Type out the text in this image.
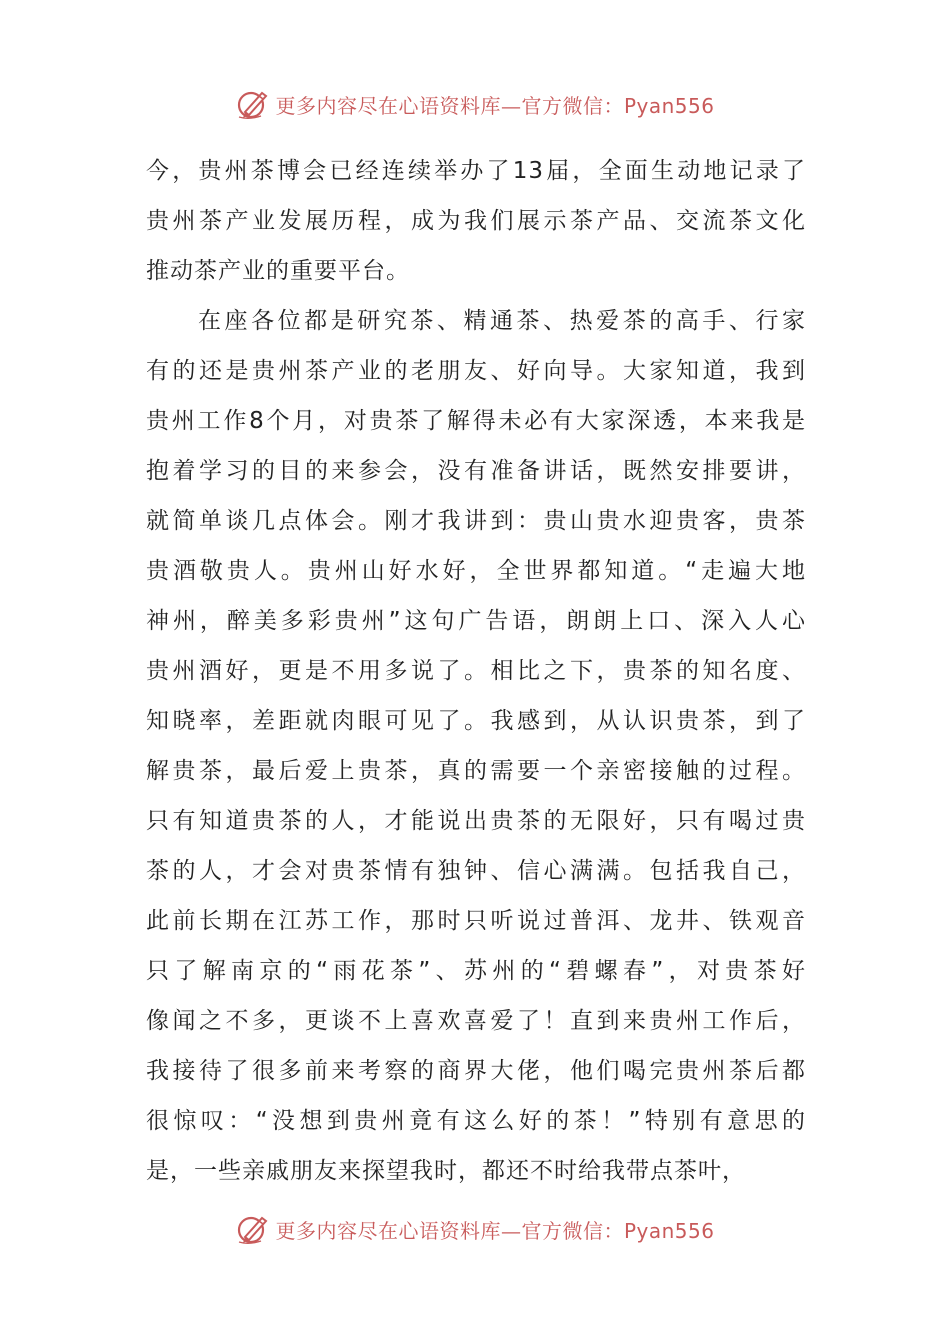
更多内容尽在心语资料库—官方微信：Pyan556
今，贵州茶博会已经连续举办了13届，全面生动地记录了
贵州茶产业发展历程，成为我们展示茶产品、交流茶文化
推动茶产业的重要平台。
在座各位都是研究茶、精通茶、热爱茶的高手、行家
有的还是贵州茶产业的老朋友、好向导。大家知道，我到
贵州工作8个月，对贵茶了解得未必有大家深透，本来我是
抱着学习的目的来参会，没有准备讲话，既然安排要讲，
就简单谈几点体会。刚才我讲到：贵山贵水迎贵客，贵茶
贵酒敬贵人。贵州山好水好，全世界都知道。“走遍大地
神州，醉美多彩贵州”这句广告语，朗朗上口、深入人心
贵州酒好，更是不用多说了。相比之下，贵茶的知名度、
知晓率，差距就肉眼可见了。我感到，从认识贵茶，到了
解贵茶，最后爱上贵茶，真的需要一个亲密接触的过程。
只有知道贵茶的人，才能说出贵茶的无限好，只有喝过贵
茶的人，才会对贵茶情有独钟、信心满满。包括我自己，
此前长期在江苏工作，那时只听说过普洱、龙井、铁观音
只了解南京的“雨花茶”、苏州的“碧螺春”，对贵茶好
像闻之不多，更谈不上喜欢喜爱了！直到来贵州工作后，
我接待了很多前来考察的商界大佬，他们喝完贵州茶后都
很惊叹：“没想到贵州竟有这么好的茶！”特别有意思的
是，一些亲戚朋友来探望我时，都还不时给我带点茶叶，
更多内容尽在心语资料库—官方微信：Pyan556
